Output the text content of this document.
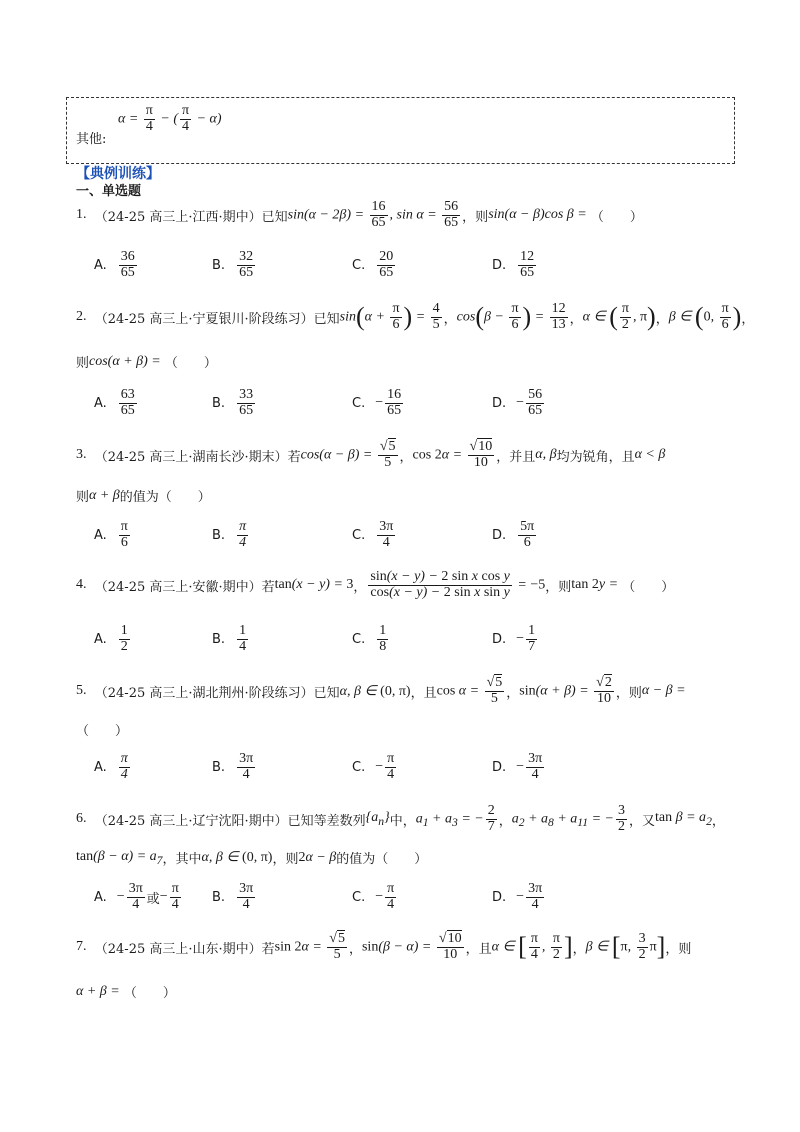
$\alpha = \frac{\pi}{4}$ − ( $\frac{\pi}{4} - \alpha$)
其他:
【典例训练】
一、单选题
1.
（24-25 高三上·江西·期中）已知 $\sin(\alpha - 2\beta) = \frac{16}{65}$ , $\sin \alpha = \frac{56}{65}$ ， 则 sin(α − β)cos β =
（　　）
A. $\frac{36}{65}$	B. $\frac{32}{65}$	C. $\frac{20}{65}$	D. $\frac{12}{65}$
2.
（24-25 高三上·宁夏银川·阶段练习）已知 $\sin(\alpha + \frac{\pi}{6}$ ) = $\frac{4}{5}$ ， $\cos(\beta - \frac{\pi}{6}$ ) = $\frac{12}{13}$ ， α ∈ ( $\frac{\pi}{2}$ , π) ， β ∈ (0, $\frac{\pi}{6}$ ) ，
则 cos(α + β) =
（　　）
A. $\frac{63}{65}$	B. $\frac{33}{65}$	C. − $\frac{16}{65}$	D. − $\frac{56}{65}$
3.
（24-25 高三上·湖南长沙·期末）若 $\cos(\alpha - \beta) = \frac{√5}{5}$ ， $\cos 2\alpha = \frac{√10}{10}$ ， 并且 α, β 均为锐角，且 α < β
则 α + β 的值为（　　）
A. $\frac{\pi}{6}$	B. $\frac{\pi}{4}$	C. $\frac{3\pi}{4}$	D. $\frac{5\pi}{6}$
4.
（24-25 高三上·安徽·期中）若 tan(x − y) = 3 ， $\frac{\text{sin(x − y) − 2 sin x cos y}}{\text{cos(x − y) − 2 sin x sin y}} = -5$ ， 则 tan 2y =
（　　）
A. $\frac{1}{2}$	B. $\frac{1}{4}$	C. $\frac{1}{8}$	D. − $\frac{1}{7}$
5.
（24-25 高三上·湖北荆州·阶段练习）已知 α, β ∈ (0, π) ， 且 $\cos \alpha = \frac{√5}{5}$ ， $\sin(\alpha + \beta) = \frac{√2}{10}$ ， 则 α − β =
（　　）
A. $\frac{\pi}{4}$	B. $\frac{3\pi}{4}$	C. − $\frac{\pi}{4}$	D. − $\frac{3\pi}{4}$
6.
（24-25 高三上·辽宁沈阳·期中）已知等差数列 $\{a_n\}$ 中， $a_1 + a_3$ = − $\frac{2}{7}$ ， $a_2 + a_8 + a_{11}$ = − $\frac{3}{2}$ ， 又 $\tan \beta = a_2$ ，
$\tan(\beta - \alpha) = a_7$ ， 其中 α, β ∈ (0, π) ， 则 2α − β 的值为（　　）
A. − $\frac{3\pi}{4}$ 或 − $\frac{\pi}{4} B$. $\frac{3\pi}{4}$	C. − $\frac{\pi}{4}$	D. − $\frac{3\pi}{4}$
7.
（24-25 高三上·山东·期中）若 $\sin 2\alpha = \frac{√5}{5}$ ， $\sin(\beta - \alpha) = \frac{√10}{10}$ ， 且 α ∈ [ $\frac{\pi}{4}$ , $\frac{\pi}{2}$ ] ， β ∈ [π, $\frac{3}{2} \pi$] ， 则
α + β =
（　　）
